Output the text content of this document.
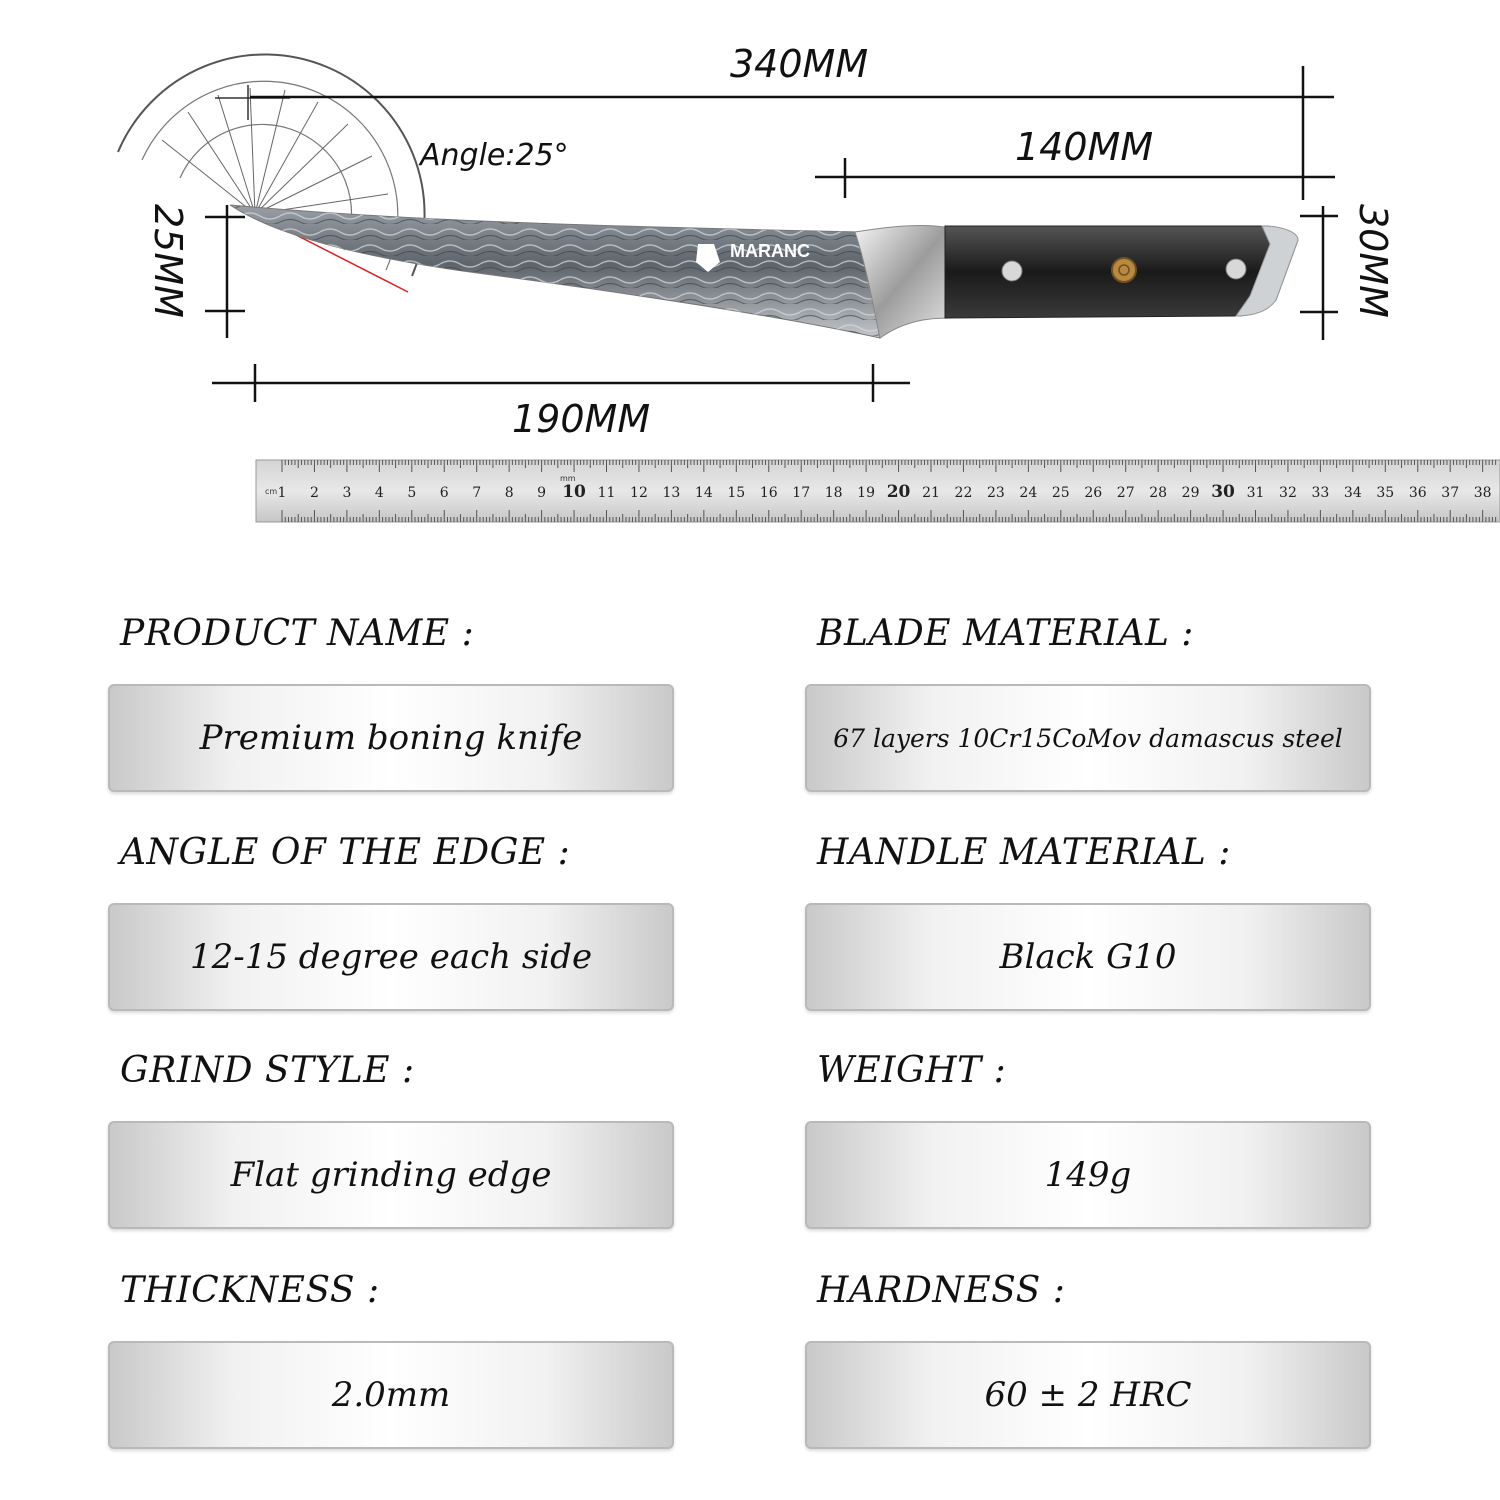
MARANC
340MM
140MM
190MM
Angle:25°
25MM	30MM
cm
mm
1 2 3 4 5 6 7 8 9 10 11 12 13 14 15 16 17 18 19 20 21 22 23 24 25 26 27 28 29 30 31 32 33 34 35 36 37 38
PRODUCT NAME :
Premium boning knife
BLADE MATERIAL :
67 layers 10Cr15CoMov damascus steel
ANGLE OF THE EDGE :
12-15 degree each side
HANDLE MATERIAL :
Black G10
GRIND STYLE :
Flat grinding edge
WEIGHT :
149g
THICKNESS :
2.0mm
HARDNESS :
60 ± 2 HRC
